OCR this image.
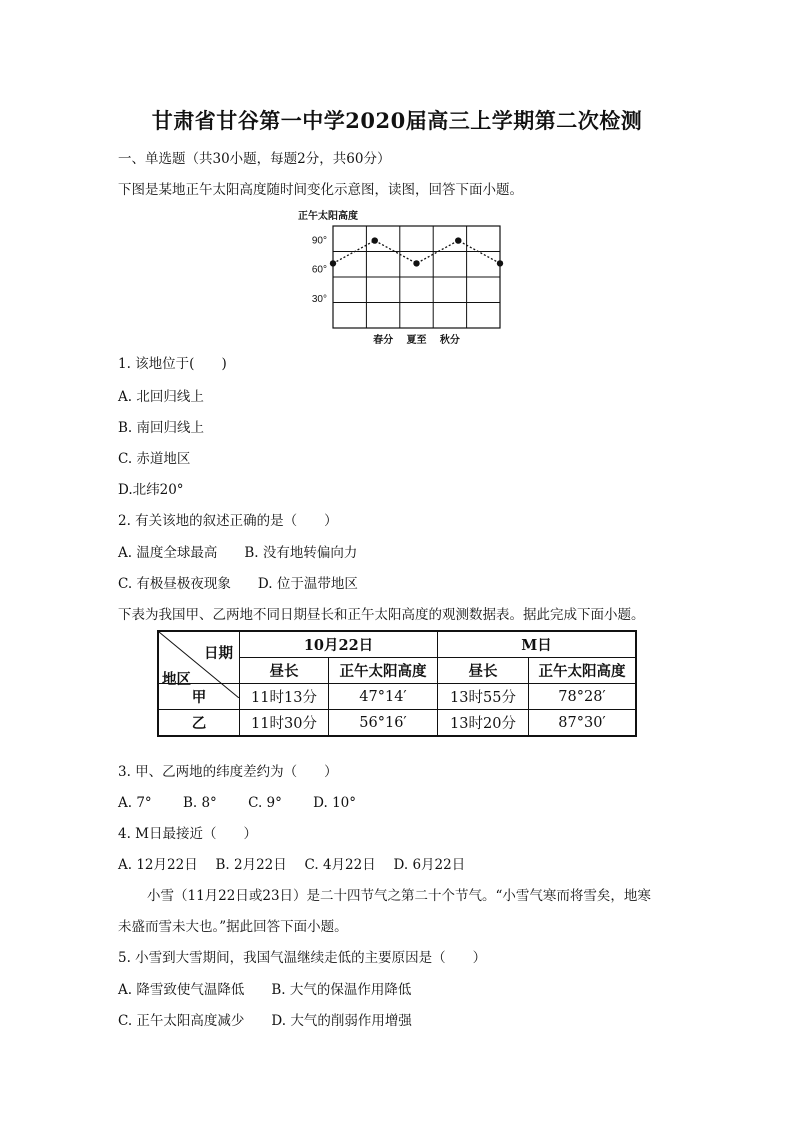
甘肃省甘谷第一中学2020届高三上学期第二次检测
一、单选题（共30小题，每题2分，共60分）
下图是某地正午太阳高度随时间变化示意图，读图，回答下面小题。
正午太阳高度
90°
60°
30°
春分 夏至 秋分
1. 该地位于(　　)
A. 北回归线上
B. 南回归线上
C. 赤道地区
D.北纬20°
2. 有关该地的叙述正确的是（　　）
A. 温度全球最高　　B. 没有地转偏向力
C. 有极昼极夜现象　　D. 位于温带地区
下表为我国甲、乙两地不同日期昼长和正午太阳高度的观测数据表。据此完成下面小题。
日期
地区	10月22日		M日	
	昼长	正午太阳高度	昼长	正午太阳高度
甲	11时13分	47°14′	13时55分	78°28′
乙	11时30分	56°16′	13时20分	87°30′
3. 甲、乙两地的纬度差约为（　　）
A. 7°　　 B. 8°　　 C. 9°　　 D. 10°
4. M日最接近（　　）
A. 12月22日　 B. 2月22日　 C. 4月22日　 D. 6月22日
小雪（11月22日或23日）是二十四节气之第二十个节气。“小雪气寒而将雪矣，地寒
未盛而雪未大也。”据此回答下面小题。
5. 小雪到大雪期间，我国气温继续走低的主要原因是（　　）
A. 降雪致使气温降低　　B. 大气的保温作用降低
C. 正午太阳高度减少　　D. 大气的削弱作用增强
